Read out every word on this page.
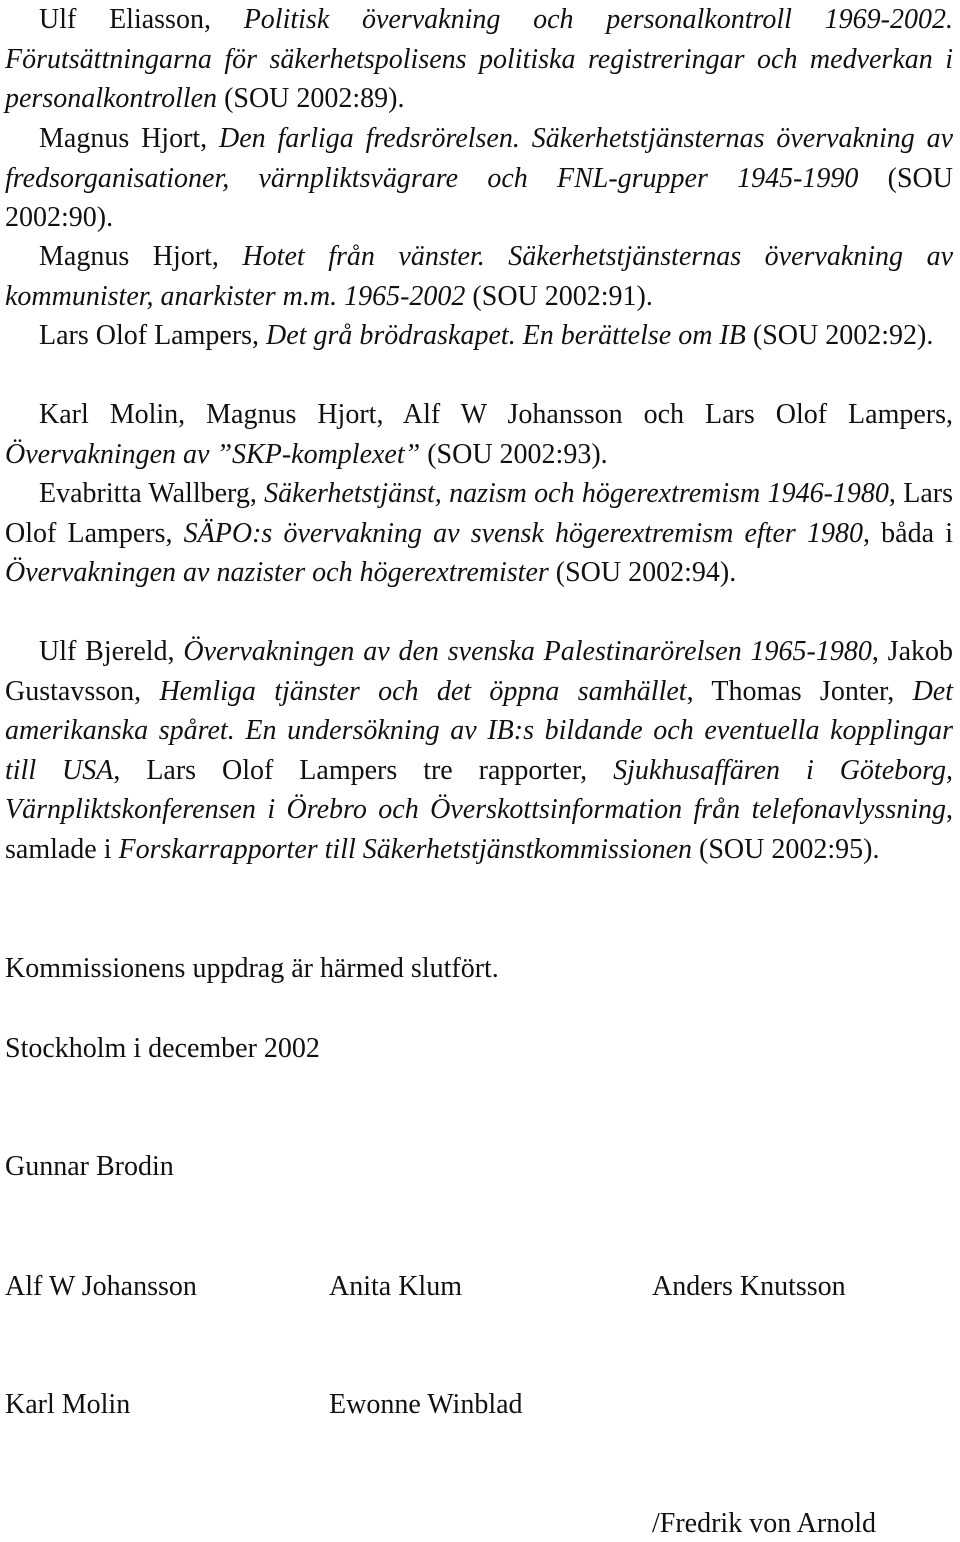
Ulf Eliasson, Politisk övervakning och personalkontroll 1969-2002. Förutsättningarna för säkerhetspolisens politiska registreringar och medverkan i personalkontrollen (SOU 2002:89).

Magnus Hjort, Den farliga fredsrörelsen. Säkerhetstjänsternas övervakning av fredsorganisationer, värnpliktsvägrare och FNL-grupper 1945-1990 (SOU 2002:90).

Magnus Hjort, Hotet från vänster. Säkerhetstjänsternas övervakning av kommunister, anarkister m.m. 1965-2002 (SOU 2002:91).

Lars Olof Lampers, Det grå brödraskapet. En berättelse om IB (SOU 2002:92).

Karl Molin, Magnus Hjort, Alf W Johansson och Lars Olof Lampers, Övervakningen av ”SKP-komplexet” (SOU 2002:93).

Evabritta Wallberg, Säkerhetstjänst, nazism och högerextremism 1946-1980, Lars Olof Lampers, SÄPO:s övervakning av svensk högerextremism efter 1980, båda i Övervakningen av nazister och högerextremister (SOU 2002:94).

Ulf Bjereld, Övervakningen av den svenska Palestinarörelsen 1965-1980, Jakob Gustavsson, Hemliga tjänster och det öppna samhället, Thomas Jonter, Det amerikanska spåret. En undersökning av IB:s bildande och eventuella kopplingar till USA, Lars Olof Lampers tre rapporter, Sjukhusaffären i Göteborg, Värnpliktskonferensen i Örebro och Överskottsinformation från telefonavlyssning, samlade i Forskarrapporter till Säkerhetstjänstkommissionen (SOU 2002:95).

Kommissionens uppdrag är härmed slutfört.

Stockholm i december 2002

Gunnar Brodin

Alf W Johansson	Anita Klum	Anders Knutsson

Karl Molin	Ewonne Winblad

/Fredrik von Arnold
